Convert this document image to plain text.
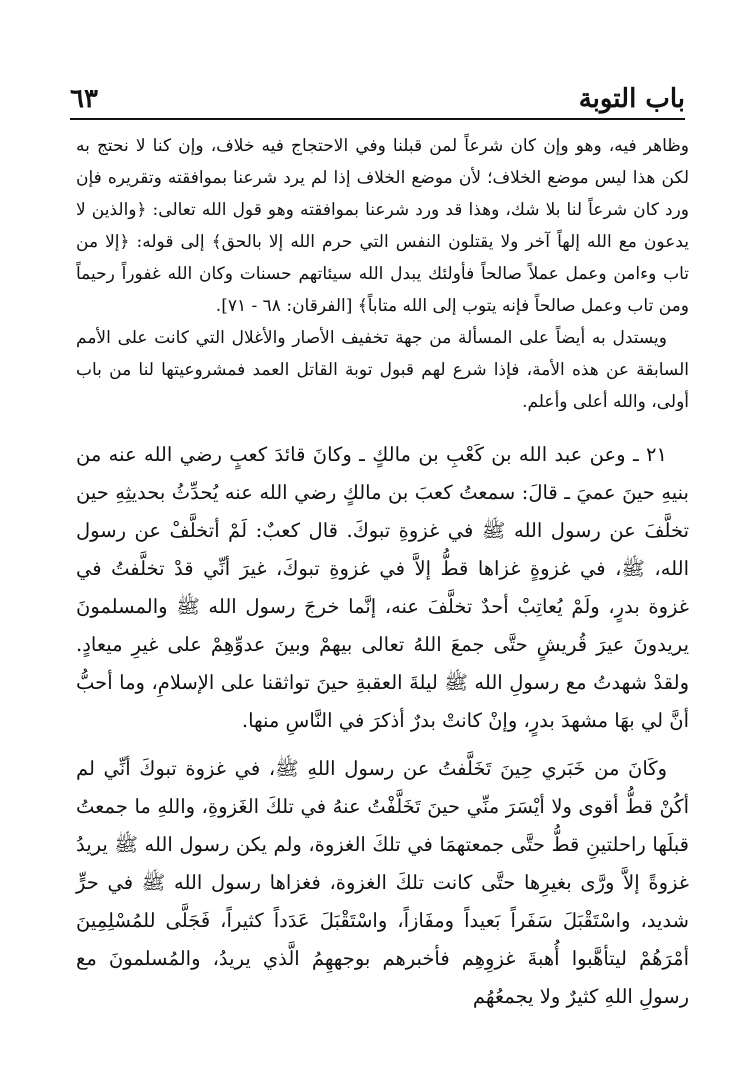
باب التوبة
٦٣

وظاهر فيه، وهو وإن كان شرعاً لمن قبلنا وفي الاحتجاج فيه خلاف، وإن كنا لا نحتج به لكن هذا ليس موضع الخلاف؛ لأن موضع الخلاف إذا لم يرد شرعنا بموافقته وتقريره فإن ورد كان شرعاً لنا بلا شك، وهذا قد ورد شرعنا بموافقته وهو قول الله تعالى: ﴿والذين لا يدعون مع الله إلهاً آخر ولا يقتلون النفس التي حرم الله إلا بالحق﴾ إلى قوله: ﴿إلا من تاب وءامن وعمل عملاً صالحاً فأولئك يبدل الله سيئاتهم حسنات وكان الله غفوراً رحيماً ومن تاب وعمل صالحاً فإنه يتوب إلى الله متاباً﴾ [الفرقان: ٦٨ - ٧١].

ويستدل به أيضاً على المسألة من جهة تخفيف الأصار والأغلال التي كانت على الأمم السابقة عن هذه الأمة، فإذا شرع لهم قبول توبة القاتل العمد فمشروعيتها لنا من باب أولى، والله أعلى وأعلم.

٢١ ـ وعن عبد الله بن كَعْبِ بن مالكٍ ـ وكانَ قائدَ كعبٍ رضي الله عنه من بنيهِ حينَ عميَ ـ قالَ: سمعتُ كعبَ بن مالكٍ رضي الله عنه يُحدِّثُ بحديثِهِ حين تخلَّفَ عن رسول الله ﷺ في غزوةِ تبوكَ. قال كعبٌ: لَمْ أتخلَّفْ عن رسول الله، ﷺ، في غزوةٍ غزاها قطُّ إلاَّ في غزوةِ تبوكَ، غيرَ أنِّي قدْ تخلَّفتُ في غزوة بدرٍ، ولَمْ يُعاتِبْ أحدٌ تخلَّفَ عنه، إنَّما خرجَ رسول الله ﷺ والمسلمونَ يريدونَ عيرَ قُريشٍ حتَّى جمعَ اللهُ تعالى بيهمْ وبينَ عدوِّهِمْ على غيرِ ميعادٍ. ولقدْ شهدتُ مع رسولِ الله ﷺ ليلةَ العقبةِ حينَ تواثقنا على الإسلامِ، وما أحبُّ أنَّ لي بهَا مشهدَ بدرٍ، وإنْ كانتْ بدرٌ أذكرَ في النَّاسِ منها.

وكَانَ من خَبَري حِينَ تَخَلَّفتُ عن رسول اللهِ ﷺ، في غزوة تبوكَ أنِّي لم أكُنْ قطُّ أقوى ولا أيْسَرَ منِّي حينَ تَخَلَّفْتُ عنهُ في تلكَ الغَزوةِ، واللهِ ما جمعتُ قبلَها راحلتينِ قطُّ حتَّى جمعتهمَا في تلكَ الغزوة، ولم يكن رسول الله ﷺ يريدُ غزوةً إلاَّ ورَّى بغيرِها حتَّى كانت تلكَ الغزوة، فغزاها رسول الله ﷺ في حرٍّ شديد، واسْتَقْبَلَ سَفَراً بَعيداً ومفَازاً، واسْتَقْبَلَ عَدَداً كثيراً، فَجَلَّى للمُسْلِمِينَ أمْرَهُمْ ليتأهَّبوا أُهبةَ غزوِهِم فأخبرهم بوجههِمُ الَّذي يريدُ، والمُسلمونَ مع رسولِ اللهِ كثيرٌ ولا يجمعُهُم
